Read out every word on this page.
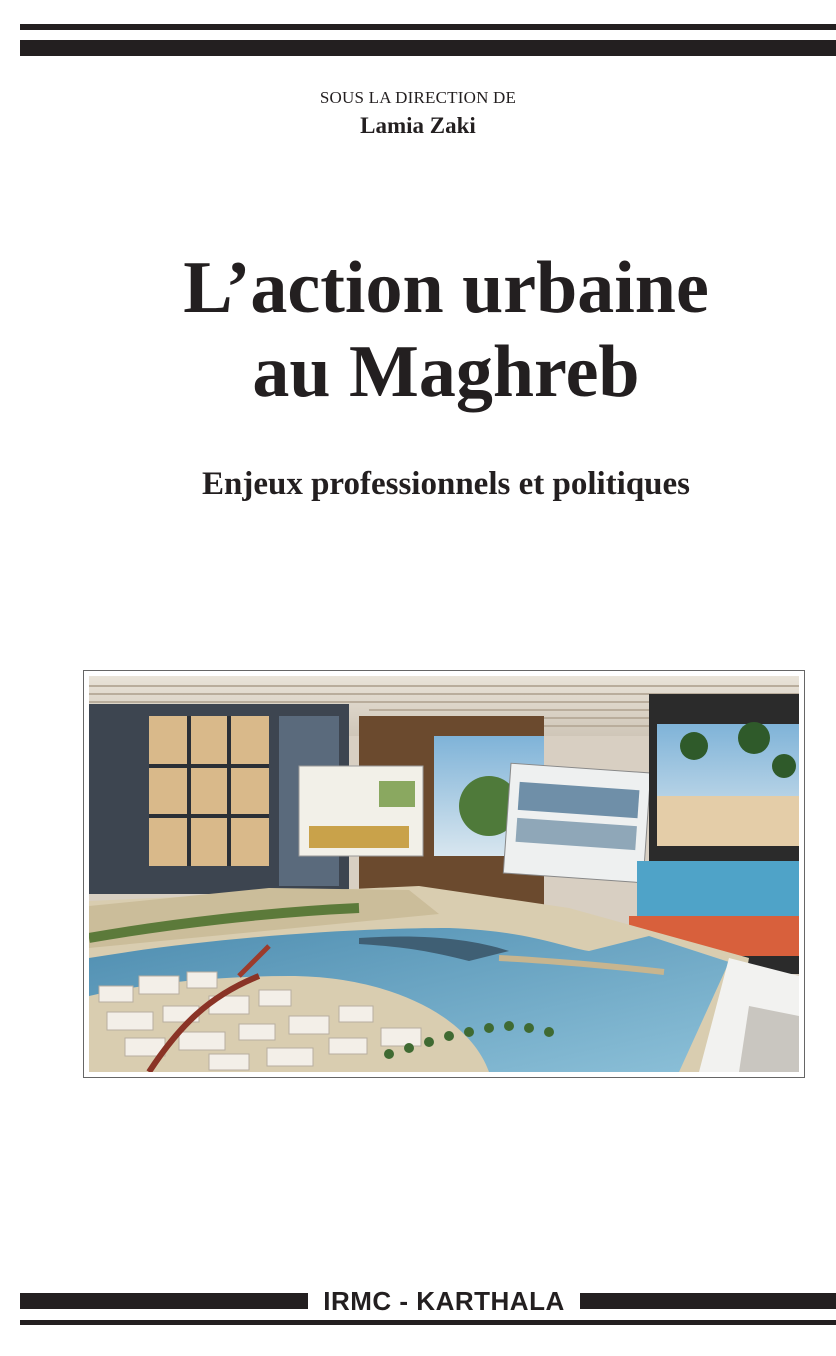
SOUS LA DIRECTION DE
Lamia Zaki
L’action urbaine
au Maghreb
Enjeux professionnels et politiques
IRMC - KARTHALA
